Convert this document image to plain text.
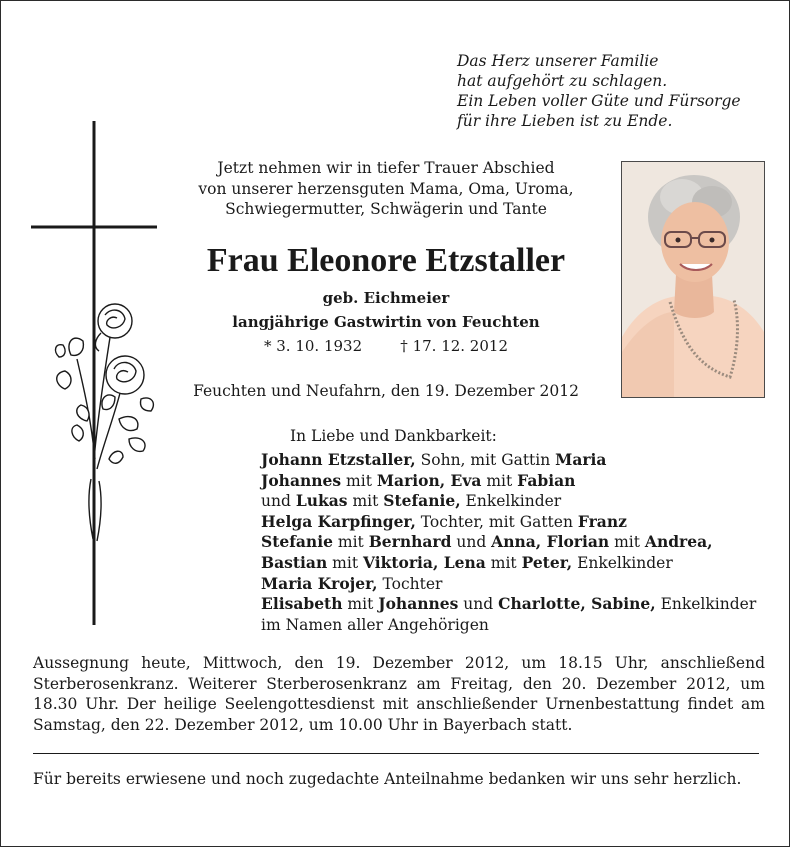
Das Herz unserer Familie
hat aufgehört zu schlagen.
Ein Leben voller Güte und Fürsorge
für ihre Lieben ist zu Ende.
Jetzt nehmen wir in tiefer Trauer Abschied
von unserer herzensguten Mama, Oma, Uroma,
Schwiegermutter, Schwägerin und Tante
Frau Eleonore Etzstaller
geb. Eichmeier
langjährige Gastwirtin von Feuchten
* 3. 10. 1932	† 17. 12. 2012
Feuchten und Neufahrn, den 19. Dezember 2012
In Liebe und Dankbarkeit:
Johann Etzstaller, Sohn, mit Gattin Maria
Johannes mit Marion, Eva mit Fabian
und Lukas mit Stefanie, Enkelkinder
Helga Karpfinger, Tochter, mit Gatten Franz
Stefanie mit Bernhard und Anna, Florian mit Andrea,
Bastian mit Viktoria, Lena mit Peter, Enkelkinder
Maria Krojer, Tochter
Elisabeth mit Johannes und Charlotte, Sabine, Enkelkinder
im Namen aller Angehörigen
Aussegnung heute, Mittwoch, den 19. Dezember 2012, um 18.15 Uhr, anschließend Sterberosenkranz. Weiterer Sterberosenkranz am Freitag, den 20. Dezember 2012, um 18.30 Uhr. Der heilige Seelengottesdienst mit anschließender Urnenbestattung findet am Samstag, den 22. Dezember 2012, um 10.00 Uhr in Bayerbach statt.
Für bereits erwiesene und noch zugedachte Anteilnahme bedanken wir uns sehr herzlich.
